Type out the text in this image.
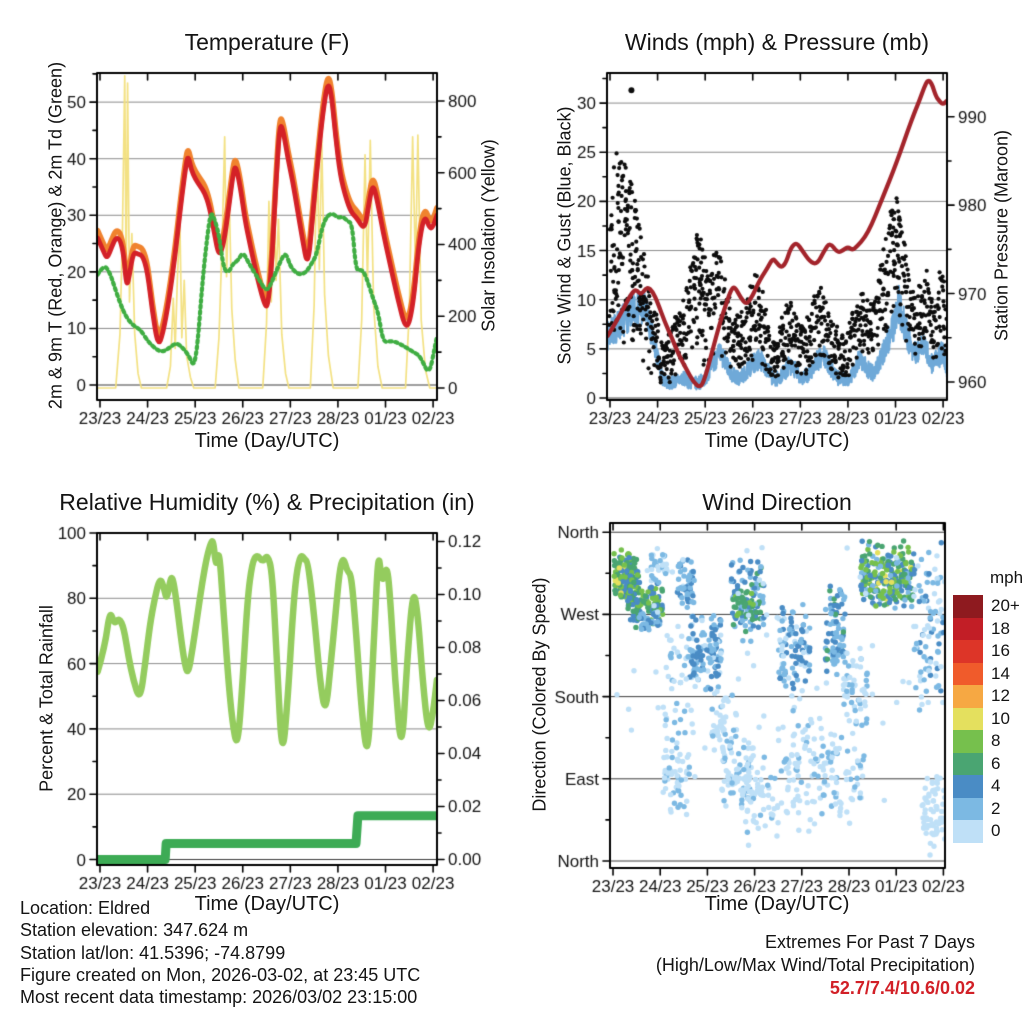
Temperature (F)	Winds (mph) & Pressure (mb)
Relative Humidity (%) & Precipitation (in)	Wind Direction
Time (Day/UTC)	Time (Day/UTC)
Time (Day/UTC)	Time (Day/UTC)
2m & 9m T (Red, Orange) & 2m Td (Green)	Solar Insolation (Yellow)	Sonic Wind & Gust (Blue, Black)	Station Pressure (Maroon)
Percent & Total Rainfall	Direction (Colored By Speed)	mph
20+
18
16
14
12
10
8
6
4
2
0
Location: Eldred
Station elevation: 347.624 m
Station lat/lon: 41.5396; -74.8799
Figure created on Mon, 2026-03-02, at 23:45 UTC
Most recent data timestamp: 2026/03/02 23:15:00
Extremes For Past 7 Days
(High/Low/Max Wind/Total Precipitation)
52.7/7.4/10.6/0.02
